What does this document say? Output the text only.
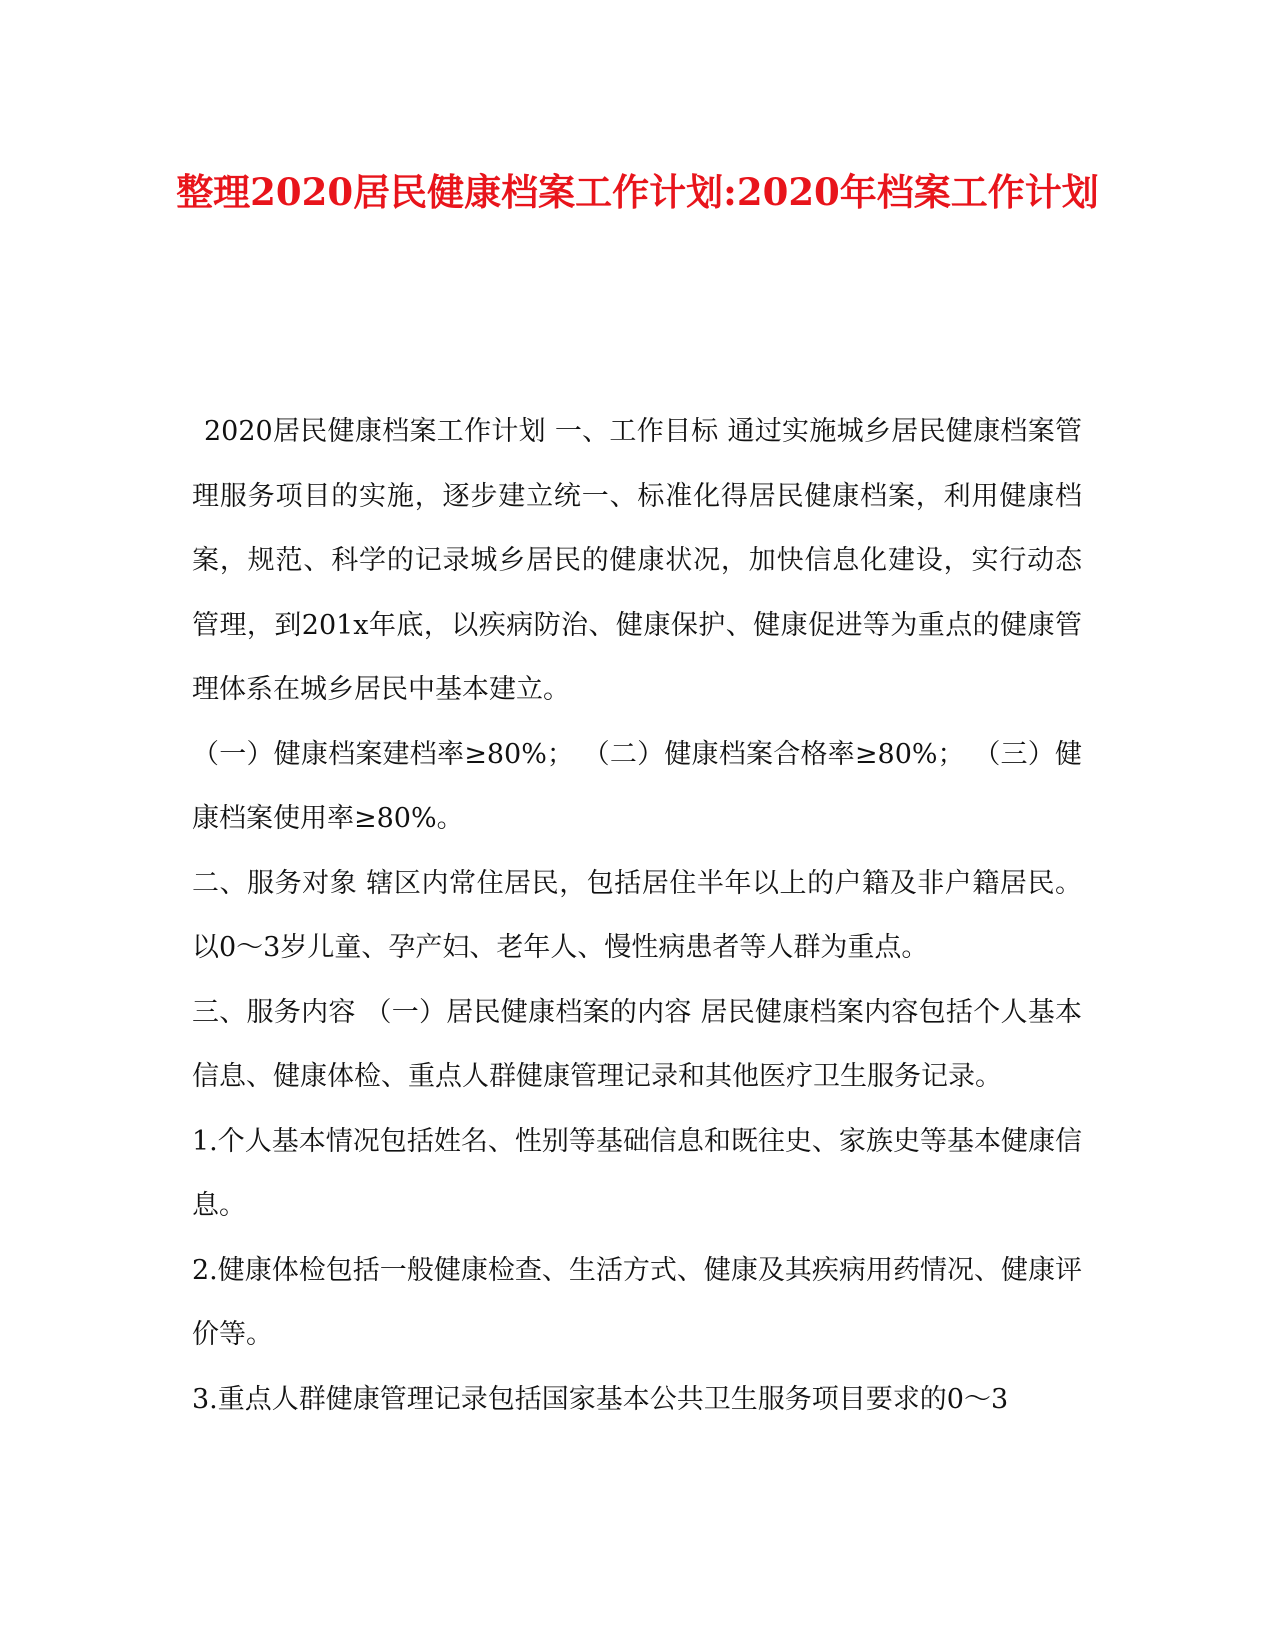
整理2020居民健康档案工作计划:2020年档案工作计划

2020居民健康档案工作计划 一、工作目标 通过实施城乡居民健康档案管理服务项目的实施，逐步建立统一、标准化得居民健康档案，利用健康档案，规范、科学的记录城乡居民的健康状况，加快信息化建设，实行动态管理，到201x年底，以疾病防治、健康保护、健康促进等为重点的健康管理体系在城乡居民中基本建立。

（一）健康档案建档率≥80%； （二）健康档案合格率≥80%； （三）健康档案使用率≥80%。

二、服务对象 辖区内常住居民，包括居住半年以上的户籍及非户籍居民。以0～3岁儿童、孕产妇、老年人、慢性病患者等人群为重点。

三、服务内容 （一）居民健康档案的内容 居民健康档案内容包括个人基本信息、健康体检、重点人群健康管理记录和其他医疗卫生服务记录。

1.个人基本情况包括姓名、性别等基础信息和既往史、家族史等基本健康信息。

2.健康体检包括一般健康检查、生活方式、健康及其疾病用药情况、健康评价等。

3.重点人群健康管理记录包括国家基本公共卫生服务项目要求的0～3
